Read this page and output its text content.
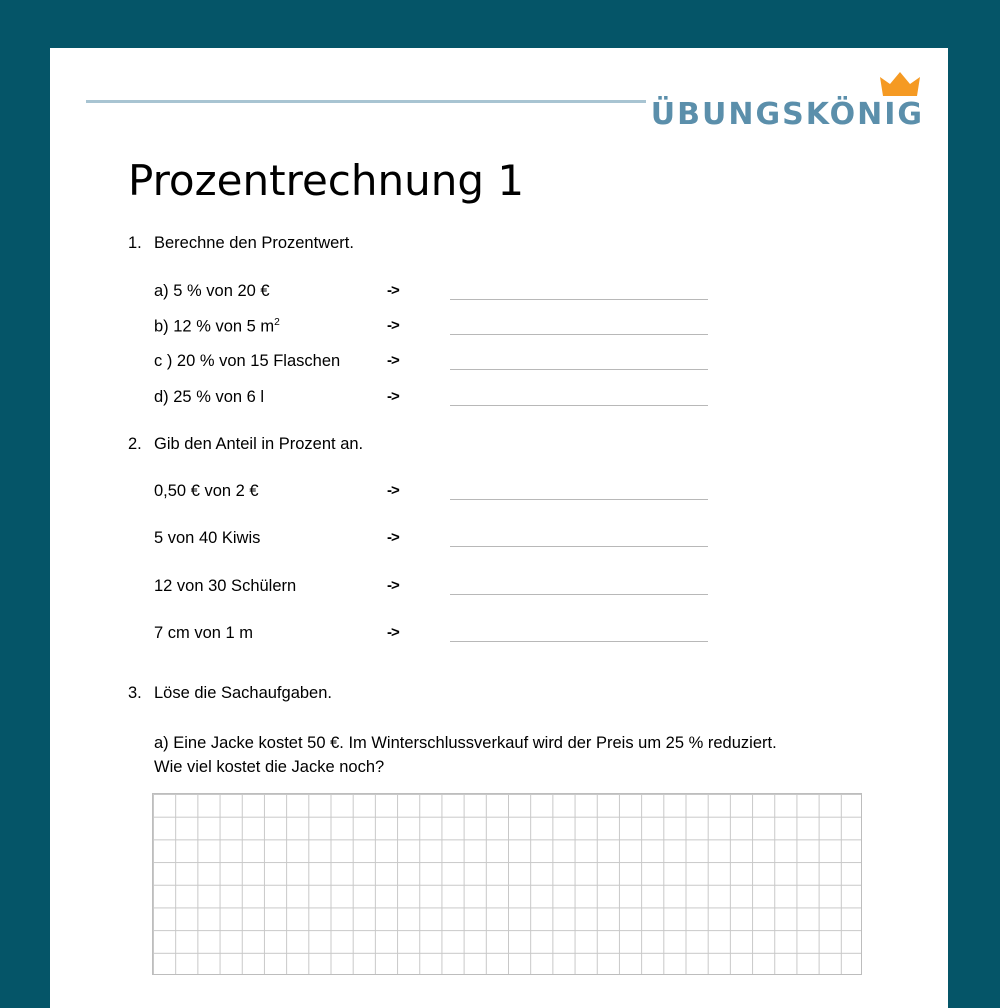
ÜBUNGSKÖNIG
Prozentrechnung 1
1. Berechne den Prozentwert.
a) 5 % von 20 €	->
b) 12 % von 5 $m^2$	->
c ) 20 % von 15 Flaschen	->
d) 25 % von 6 l	->
2. Gib den Anteil in Prozent an.
0,50 € von 2 €	->
5 von 40 Kiwis	->
12 von 30 Schülern	->
7 cm von 1 m	->
3. Löse die Sachaufgaben.
a) Eine Jacke kostet 50 €. Im Winterschlussverkauf wird der Preis um 25 % reduziert.
Wie viel kostet die Jacke noch?
